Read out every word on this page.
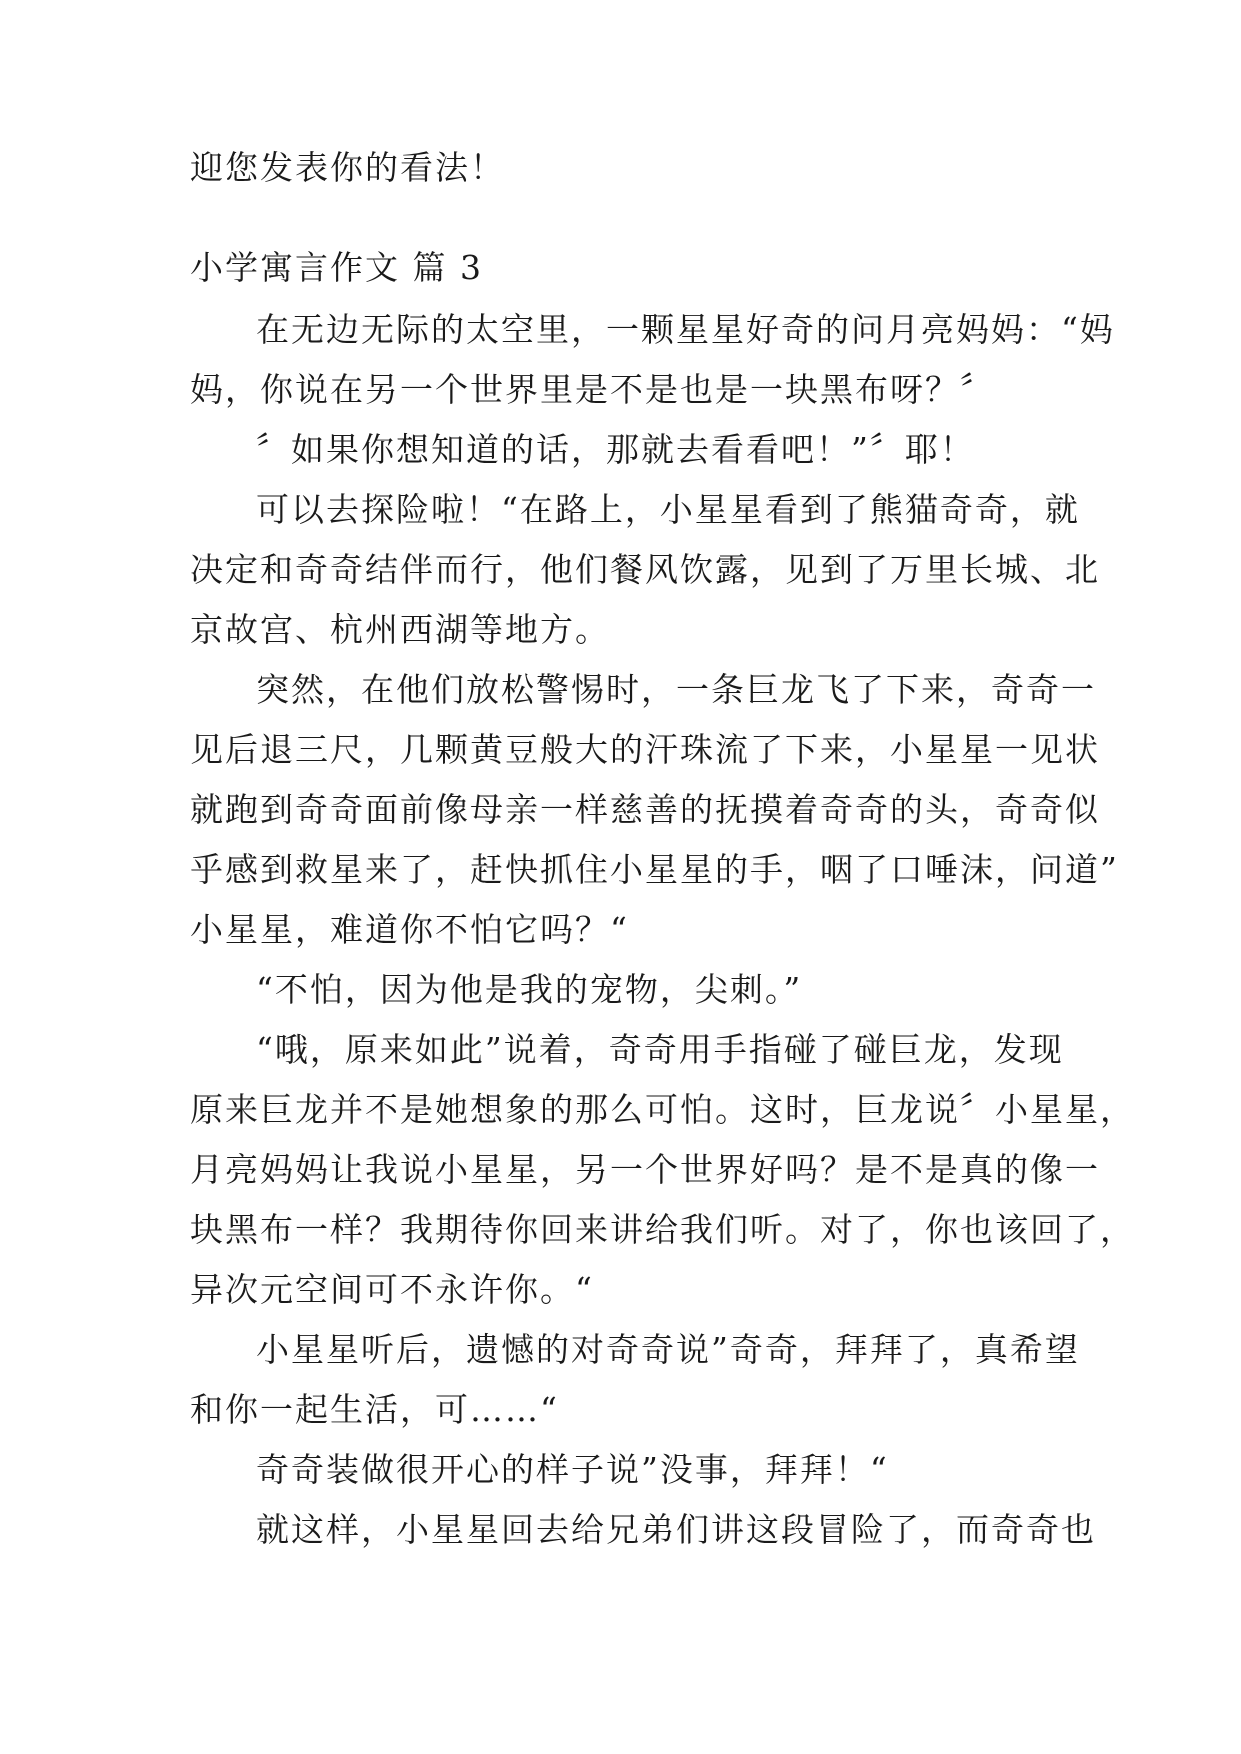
迎您发表你的看法！
小学寓言作文 篇 3
在无边无际的太空里，一颗星星好奇的问月亮妈妈：“妈
妈，你说在另一个世界里是不是也是一块黑布呀？〞
〞如果你想知道的话，那就去看看吧！”〞耶！
可以去探险啦！“在路上，小星星看到了熊猫奇奇，就
决定和奇奇结伴而行，他们餐风饮露，见到了万里长城、北
京故宫、杭州西湖等地方。
突然，在他们放松警惕时，一条巨龙飞了下来，奇奇一
见后退三尺，几颗黄豆般大的汗珠流了下来，小星星一见状
就跑到奇奇面前像母亲一样慈善的抚摸着奇奇的头，奇奇似
乎感到救星来了，赶快抓住小星星的手，咽了口唾沫，问道”
小星星，难道你不怕它吗？“
“不怕，因为他是我的宠物，尖刺。”
“哦，原来如此”说着，奇奇用手指碰了碰巨龙，发现
原来巨龙并不是她想象的那么可怕。这时，巨龙说〞小星星，
月亮妈妈让我说小星星，另一个世界好吗？是不是真的像一
块黑布一样？我期待你回来讲给我们听。对了，你也该回了，
异次元空间可不永许你。“
小星星听后，遗憾的对奇奇说”奇奇，拜拜了，真希望
和你一起生活，可……“
奇奇装做很开心的样子说”没事，拜拜！“
就这样，小星星回去给兄弟们讲这段冒险了，而奇奇也
